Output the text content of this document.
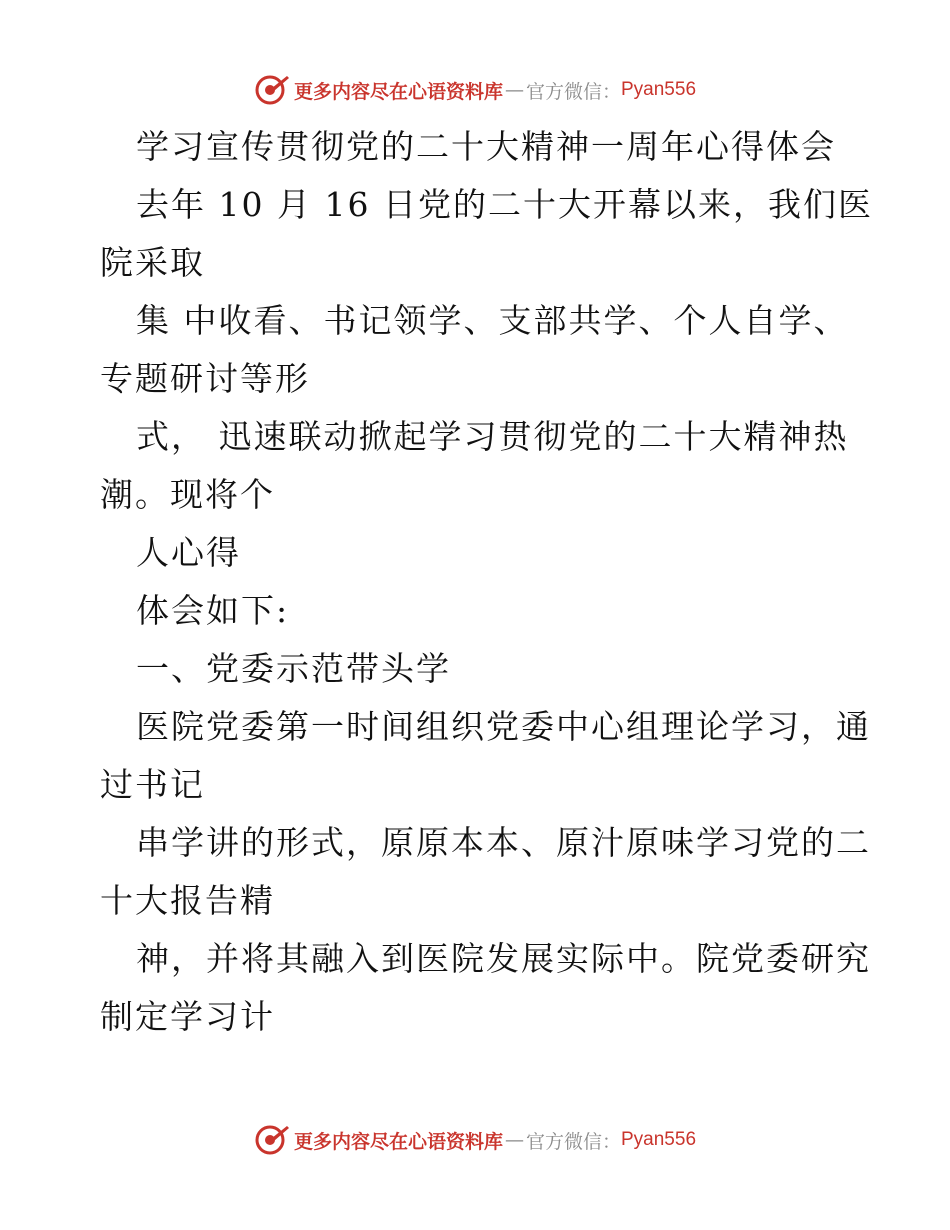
更多内容尽在心语资料库 — 官方微信： Pyan556
学习宣传贯彻党的二十大精神一周年心得体会
去年 10 月 16 日党的二十大开幕以来，我们医
院采取
集 中收看、书记领学、支部共学、个人自学、
专题研讨等形
式， 迅速联动掀起学习贯彻党的二十大精神热
潮。现将个
人心得
体会如下:
一、党委示范带头学
医院党委第一时间组织党委中心组理论学习，通
过书记
串学讲的形式，原原本本、原汁原味学习党的二
十大报告精
神，并将其融入到医院发展实际中。院党委研究
制定学习计
更多内容尽在心语资料库 — 官方微信： Pyan556
